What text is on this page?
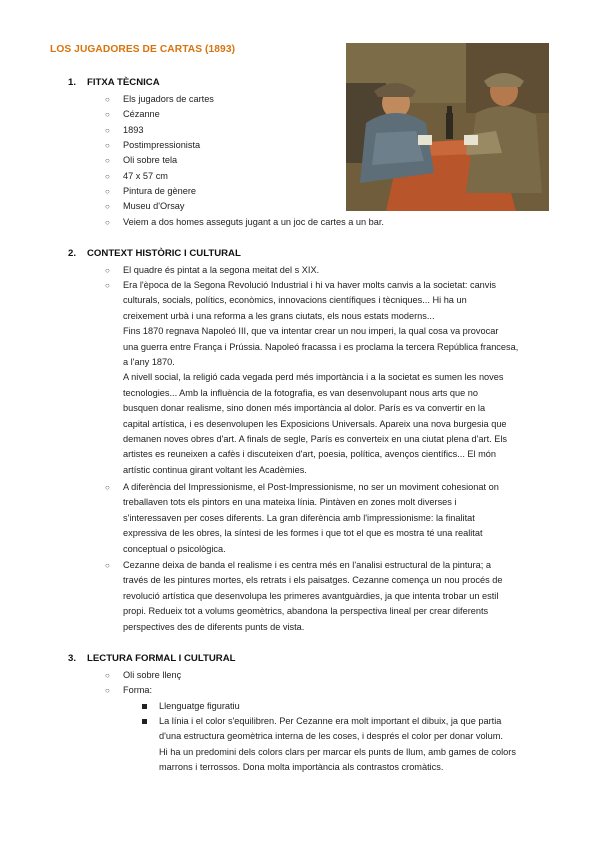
LOS JUGADORES DE CARTAS (1893)
1. FITXA TÈCNICA
○ Els jugadors de cartes
○ Cézanne
○ 1893
○ Postimpressionista
○ Oli sobre tela
○ 47 x 57 cm
○ Pintura de gènere
○ Museu d'Orsay
○ Veiem a dos homes asseguts jugant a un joc de cartes a un bar.
2. CONTEXT HISTÒRIC I CULTURAL
○ El quadre és pintat a la segona meitat del s XIX.
○ Era l'època de la Segona Revolució Industrial i hi va haver molts canvis a la societat: canvis
culturals, socials, polítics, econòmics, innovacions científiques i tècniques... Hi ha un
creixement urbà i una reforma a les grans ciutats, els nous estats moderns...
Fins 1870 regnava Napoleó III, que va intentar crear un nou imperi, la qual cosa va provocar
una guerra entre França i Prússia. Napoleó fracassa i es proclama la tercera República francesa,
a l'any 1870.
A nivell social, la religió cada vegada perd més importància i a la societat es sumen les noves
tecnologies... Amb la influència de la fotografia, es van desenvolupant nous arts que no
busquen donar realisme, sino donen més importància al dolor. París es va convertir en la
capital artística, i es desenvolupen les Exposicions Universals. Apareix una nova burgesia que
demanen noves obres d'art. A finals de segle, París es converteix en una ciutat plena d'art. Els
artistes es reuneixen a cafès i discuteixen d'art, poesia, política, avenços científics... El món
artístic continua girant voltant les Acadèmies.
○ A diferència del Impressionisme, el Post-Impressionisme, no ser un moviment cohesionat on
treballaven tots els pintors en una mateixa línia. Pintàven en zones molt diverses i
s'interessaven per coses diferents. La gran diferència amb l'impressionisme: la finalitat
expressiva de les obres, la síntesi de les formes i que tot el que es mostra té una realitat
conceptual o psicològica.
○ Cezanne deixa de banda el realisme i es centra més en l'analisi estructural de la pintura; a
través de les pintures mortes, els retrats i els paisatges. Cezanne comença un nou procés de
revolució artística que desenvolupa les primeres avantguàrdies, ja que intenta trobar un estil
propi. Redueix tot a volums geomètrics, abandona la perspectiva lineal per crear diferents
perspectives des de diferents punts de vista.
3. LECTURA FORMAL I CULTURAL
○ Oli sobre llenç
○ Forma:
Llenguatge figuratiu
La línia i el color s'equilibren. Per Cezanne era molt important el dibuix, ja que partia
d'una estructura geomètrica interna de les coses, i després el color per donar volum.
Hi ha un predomini dels colors clars per marcar els punts de llum, amb games de colors
marrons i terrossos. Dona molta importància als contrastos cromàtics.
